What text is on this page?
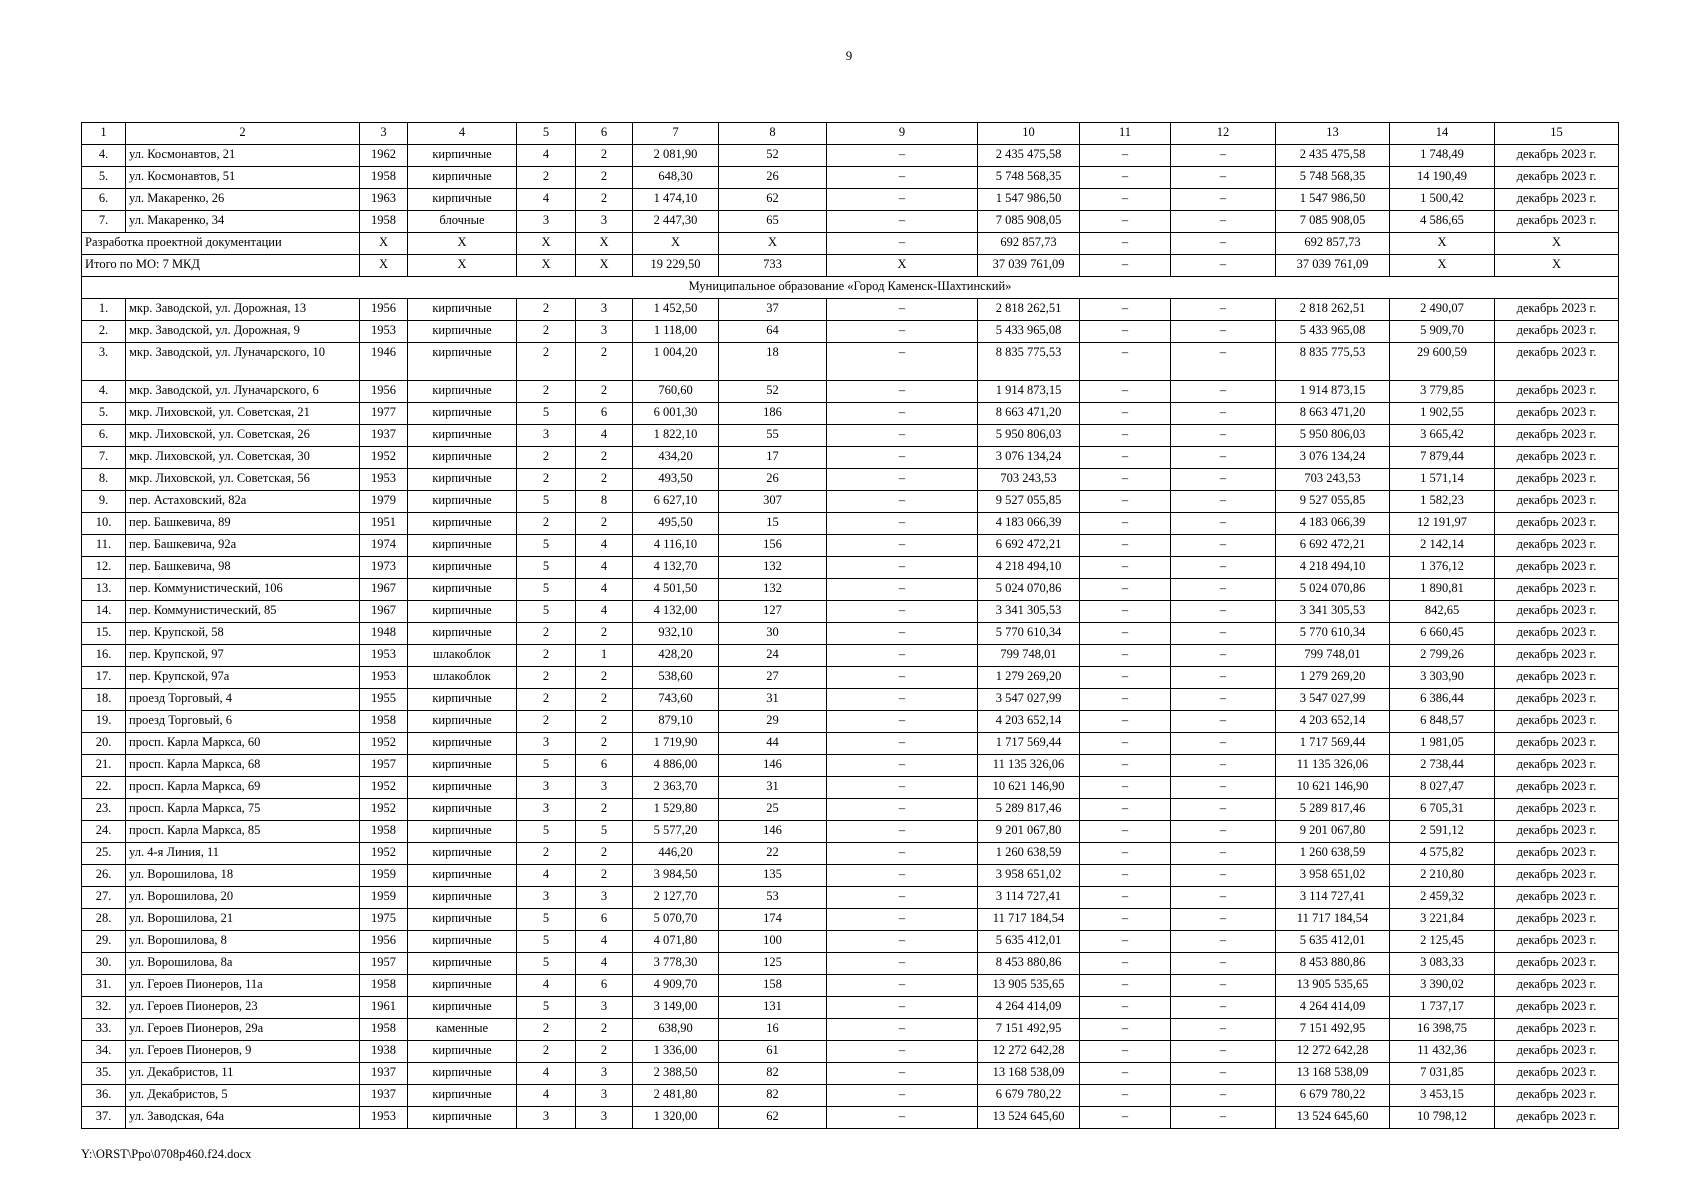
9
1	2	3	4	5	6	7	8	9	10	11	12	13	14	15
4.	ул. Космонавтов, 21	1962	кирпичные	4	2	2 081,90	52	–	2 435 475,58	–	–	2 435 475,58	1 748,49	декабрь 2023 г.
5.	ул. Космонавтов, 51	1958	кирпичные	2	2	648,30	26	–	5 748 568,35	–	–	5 748 568,35	14 190,49	декабрь 2023 г.
6.	ул. Макаренко, 26	1963	кирпичные	4	2	1 474,10	62	–	1 547 986,50	–	–	1 547 986,50	1 500,42	декабрь 2023 г.
7.	ул. Макаренко, 34	1958	блочные	3	3	2 447,30	65	–	7 085 908,05	–	–	7 085 908,05	4 586,65	декабрь 2023 г.
Разработка проектной документации		Х	Х	Х	Х	Х	Х	–	692 857,73	–	–	692 857,73	Х	Х
Итого по МО: 7 МКД		Х	Х	Х	Х	19 229,50	733	Х	37 039 761,09	–	–	37 039 761,09	Х	Х
Муниципальное образование «Город Каменск-Шахтинский»														
1.	мкр. Заводской, ул. Дорожная, 13	1956	кирпичные	2	3	1 452,50	37	–	2 818 262,51	–	–	2 818 262,51	2 490,07	декабрь 2023 г.
2.	мкр. Заводской, ул. Дорожная, 9	1953	кирпичные	2	3	1 118,00	64	–	5 433 965,08	–	–	5 433 965,08	5 909,70	декабрь 2023 г.
3.	мкр. Заводской, ул. Луначарского, 10	1946	кирпичные	2	2	1 004,20	18	–	8 835 775,53	–	–	8 835 775,53	29 600,59	декабрь 2023 г.
4.	мкр. Заводской, ул. Луначарского, 6	1956	кирпичные	2	2	760,60	52	–	1 914 873,15	–	–	1 914 873,15	3 779,85	декабрь 2023 г.
5.	мкр. Лиховской, ул. Советская, 21	1977	кирпичные	5	6	6 001,30	186	–	8 663 471,20	–	–	8 663 471,20	1 902,55	декабрь 2023 г.
6.	мкр. Лиховской, ул. Советская, 26	1937	кирпичные	3	4	1 822,10	55	–	5 950 806,03	–	–	5 950 806,03	3 665,42	декабрь 2023 г.
7.	мкр. Лиховской, ул. Советская, 30	1952	кирпичные	2	2	434,20	17	–	3 076 134,24	–	–	3 076 134,24	7 879,44	декабрь 2023 г.
8.	мкр. Лиховской, ул. Советская, 56	1953	кирпичные	2	2	493,50	26	–	703 243,53	–	–	703 243,53	1 571,14	декабрь 2023 г.
9.	пер. Астаховский, 82а	1979	кирпичные	5	8	6 627,10	307	–	9 527 055,85	–	–	9 527 055,85	1 582,23	декабрь 2023 г.
10.	пер. Башкевича, 89	1951	кирпичные	2	2	495,50	15	–	4 183 066,39	–	–	4 183 066,39	12 191,97	декабрь 2023 г.
11.	пер. Башкевича, 92а	1974	кирпичные	5	4	4 116,10	156	–	6 692 472,21	–	–	6 692 472,21	2 142,14	декабрь 2023 г.
12.	пер. Башкевича, 98	1973	кирпичные	5	4	4 132,70	132	–	4 218 494,10	–	–	4 218 494,10	1 376,12	декабрь 2023 г.
13.	пер. Коммунистический, 106	1967	кирпичные	5	4	4 501,50	132	–	5 024 070,86	–	–	5 024 070,86	1 890,81	декабрь 2023 г.
14.	пер. Коммунистический, 85	1967	кирпичные	5	4	4 132,00	127	–	3 341 305,53	–	–	3 341 305,53	842,65	декабрь 2023 г.
15.	пер. Крупской, 58	1948	кирпичные	2	2	932,10	30	–	5 770 610,34	–	–	5 770 610,34	6 660,45	декабрь 2023 г.
16.	пер. Крупской, 97	1953	шлакоблок	2	1	428,20	24	–	799 748,01	–	–	799 748,01	2 799,26	декабрь 2023 г.
17.	пер. Крупской, 97а	1953	шлакоблок	2	2	538,60	27	–	1 279 269,20	–	–	1 279 269,20	3 303,90	декабрь 2023 г.
18.	проезд Торговый, 4	1955	кирпичные	2	2	743,60	31	–	3 547 027,99	–	–	3 547 027,99	6 386,44	декабрь 2023 г.
19.	проезд Торговый, 6	1958	кирпичные	2	2	879,10	29	–	4 203 652,14	–	–	4 203 652,14	6 848,57	декабрь 2023 г.
20.	просп. Карла Маркса, 60	1952	кирпичные	3	2	1 719,90	44	–	1 717 569,44	–	–	1 717 569,44	1 981,05	декабрь 2023 г.
21.	просп. Карла Маркса, 68	1957	кирпичные	5	6	4 886,00	146	–	11 135 326,06	–	–	11 135 326,06	2 738,44	декабрь 2023 г.
22.	просп. Карла Маркса, 69	1952	кирпичные	3	3	2 363,70	31	–	10 621 146,90	–	–	10 621 146,90	8 027,47	декабрь 2023 г.
23.	просп. Карла Маркса, 75	1952	кирпичные	3	2	1 529,80	25	–	5 289 817,46	–	–	5 289 817,46	6 705,31	декабрь 2023 г.
24.	просп. Карла Маркса, 85	1958	кирпичные	5	5	5 577,20	146	–	9 201 067,80	–	–	9 201 067,80	2 591,12	декабрь 2023 г.
25.	ул. 4-я Линия, 11	1952	кирпичные	2	2	446,20	22	–	1 260 638,59	–	–	1 260 638,59	4 575,82	декабрь 2023 г.
26.	ул. Ворошилова, 18	1959	кирпичные	4	2	3 984,50	135	–	3 958 651,02	–	–	3 958 651,02	2 210,80	декабрь 2023 г.
27.	ул. Ворошилова, 20	1959	кирпичные	3	3	2 127,70	53	–	3 114 727,41	–	–	3 114 727,41	2 459,32	декабрь 2023 г.
28.	ул. Ворошилова, 21	1975	кирпичные	5	6	5 070,70	174	–	11 717 184,54	–	–	11 717 184,54	3 221,84	декабрь 2023 г.
29.	ул. Ворошилова, 8	1956	кирпичные	5	4	4 071,80	100	–	5 635 412,01	–	–	5 635 412,01	2 125,45	декабрь 2023 г.
30.	ул. Ворошилова, 8а	1957	кирпичные	5	4	3 778,30	125	–	8 453 880,86	–	–	8 453 880,86	3 083,33	декабрь 2023 г.
31.	ул. Героев Пионеров, 11а	1958	кирпичные	4	6	4 909,70	158	–	13 905 535,65	–	–	13 905 535,65	3 390,02	декабрь 2023 г.
32.	ул. Героев Пионеров, 23	1961	кирпичные	5	3	3 149,00	131	–	4 264 414,09	–	–	4 264 414,09	1 737,17	декабрь 2023 г.
33.	ул. Героев Пионеров, 29а	1958	каменные	2	2	638,90	16	–	7 151 492,95	–	–	7 151 492,95	16 398,75	декабрь 2023 г.
34.	ул. Героев Пионеров, 9	1938	кирпичные	2	2	1 336,00	61	–	12 272 642,28	–	–	12 272 642,28	11 432,36	декабрь 2023 г.
35.	ул. Декабристов, 11	1937	кирпичные	4	3	2 388,50	82	–	13 168 538,09	–	–	13 168 538,09	7 031,85	декабрь 2023 г.
36.	ул. Декабристов, 5	1937	кирпичные	4	3	2 481,80	82	–	6 679 780,22	–	–	6 679 780,22	3 453,15	декабрь 2023 г.
37.	ул. Заводская, 64а	1953	кирпичные	3	3	1 320,00	62	–	13 524 645,60	–	–	13 524 645,60	10 798,12	декабрь 2023 г.
Y:\ORST\Ppo\0708p460.f24.docx
